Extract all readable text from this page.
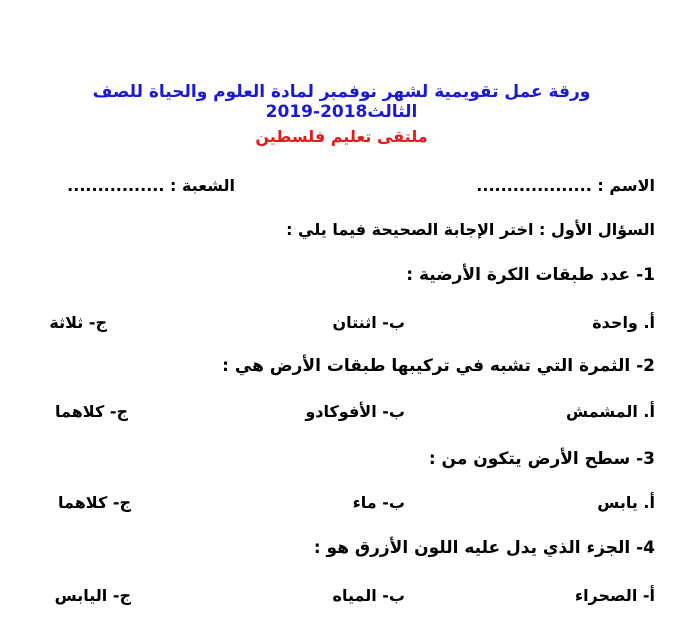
ورقة عمل تقويمية لشهر نوفمبر لمادة العلوم والحياة للصف الثالث2018-2019
ملتقى تعليم فلسطين
الاسم : ...................
الشعبة : ................
السؤال الأول : اختر الإجابة الصحيحة فيما يلي :
1- عدد طبقات الكرة الأرضية :
أ. واحدة
ب- اثنتان
ج- ثلاثة
2- الثمرة التي تشبه في تركيبها طبقات الأرض هي :
أ. المشمش
ب- الأفوكادو
ج- كلاهما
3- سطح الأرض يتكون من :
أ. يابس
ب- ماء
ج- كلاهما
4- الجزء الذي يدل عليه اللون الأزرق هو :
أ- الصحراء
ب- المياه
ج- اليابس
